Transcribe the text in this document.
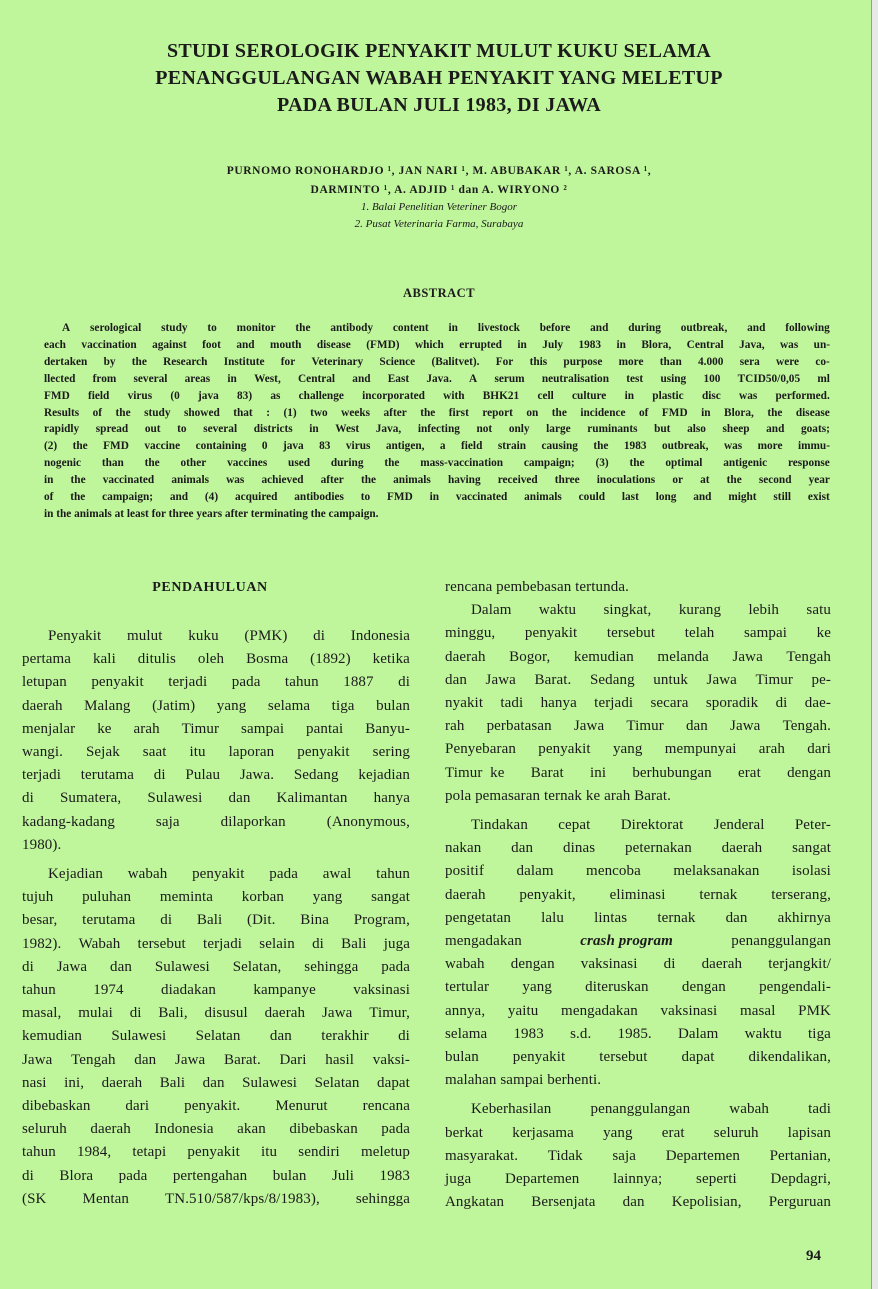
STUDI SEROLOGIK PENYAKIT MULUT KUKU SELAMA
PENANGGULANGAN WABAH PENYAKIT YANG MELETUP
PADA BULAN JULI 1983, DI JAWA
PURNOMO RONOHARDJO ¹, JAN NARI ¹, M. ABUBAKAR ¹, A. SAROSA ¹,
DARMINTO ¹, A. ADJID ¹ dan A. WIRYONO ²
1. Balai Penelitian Veteriner Bogor
2. Pusat Veterinaria Farma, Surabaya
ABSTRACT
A serological study to monitor the antibody content in livestock before and during outbreak, and following
each vaccination against foot and mouth disease (FMD) which errupted in July 1983 in Blora, Central Java, was un-
dertaken by the Research Institute for Veterinary Science (Balitvet). For this purpose more than 4.000 sera were co-
llected from several areas in West, Central and East Java. A serum neutralisation test using 100 TCID50/0,05 ml
FMD field virus (0 java 83) as challenge incorporated with BHK21 cell culture in plastic disc was performed.
Results of the study showed that : (1) two weeks after the first report on the incidence of FMD in Blora, the disease
rapidly spread out to several districts in West Java, infecting not only large ruminants but also sheep and goats;
(2) the FMD vaccine containing 0 java 83 virus antigen, a field strain causing the 1983 outbreak, was more immu-
nogenic than the other vaccines used during the mass-vaccination campaign; (3) the optimal antigenic response
in the vaccinated animals was achieved after the animals having received three inoculations or at the second year
of the campaign; and (4) acquired antibodies to FMD in vaccinated animals could last long and might still exist
in the animals at least for three years after terminating the campaign.
PENDAHULUAN
Penyakit mulut kuku (PMK) di Indonesia
pertama kali ditulis oleh Bosma (1892) ketika
letupan penyakit terjadi pada tahun 1887 di
daerah Malang (Jatim) yang selama tiga bulan
menjalar ke arah Timur sampai pantai Banyu-
wangi. Sejak saat itu laporan penyakit sering
terjadi terutama di Pulau Jawa. Sedang kejadian
di Sumatera, Sulawesi dan Kalimantan hanya
kadang-kadang	saja	dilaporkan	(Anonymous,
1980).
Kejadian wabah penyakit pada awal tahun
tujuh puluhan meminta korban yang sangat
besar, terutama di Bali (Dit. Bina Program,
1982). Wabah tersebut terjadi selain di Bali juga
di Jawa dan Sulawesi Selatan, sehingga pada
tahun 1974 diadakan kampanye vaksinasi
masal, mulai di Bali, disusul daerah Jawa Timur,
kemudian Sulawesi Selatan dan terakhir di
Jawa Tengah dan Jawa Barat. Dari hasil vaksi-
nasi ini, daerah Bali dan Sulawesi Selatan dapat
dibebaskan dari penyakit. Menurut rencana
seluruh daerah Indonesia akan dibebaskan pada
tahun 1984, tetapi penyakit itu sendiri meletup
di Blora pada pertengahan bulan Juli 1983
(SK Mentan TN.510/587/kps/8/1983), sehingga
rencana pembebasan tertunda.
Dalam waktu singkat, kurang lebih satu
minggu, penyakit tersebut telah sampai ke
daerah Bogor, kemudian melanda Jawa Tengah
dan Jawa Barat. Sedang untuk Jawa Timur pe-
nyakit tadi hanya terjadi secara sporadik di dae-
rah perbatasan Jawa Timur dan Jawa Tengah.
Penyebaran penyakit yang mempunyai arah dari
Timur  ke Barat ini berhubungan erat dengan
pola pemasaran ternak ke arah Barat.
Tindakan cepat Direktorat Jenderal Peter-
nakan dan dinas peternakan daerah sangat
positif dalam mencoba melaksanakan isolasi
daerah penyakit, eliminasi ternak terserang,
pengetatan lalu lintas ternak dan akhirnya
mengadakan	crash program	penanggulangan
wabah dengan vaksinasi di daerah terjangkit/
tertular yang diteruskan dengan pengendali-
annya, yaitu mengadakan vaksinasi masal PMK
selama 1983 s.d. 1985. Dalam waktu tiga
bulan penyakit tersebut dapat dikendalikan,
malahan sampai berhenti.
Keberhasilan	penanggulangan	wabah	tadi
berkat kerjasama yang erat seluruh lapisan
masyarakat. Tidak saja Departemen Pertanian,
juga Departemen lainnya; seperti Depdagri,
Angkatan Bersenjata dan Kepolisian, Perguruan
94
